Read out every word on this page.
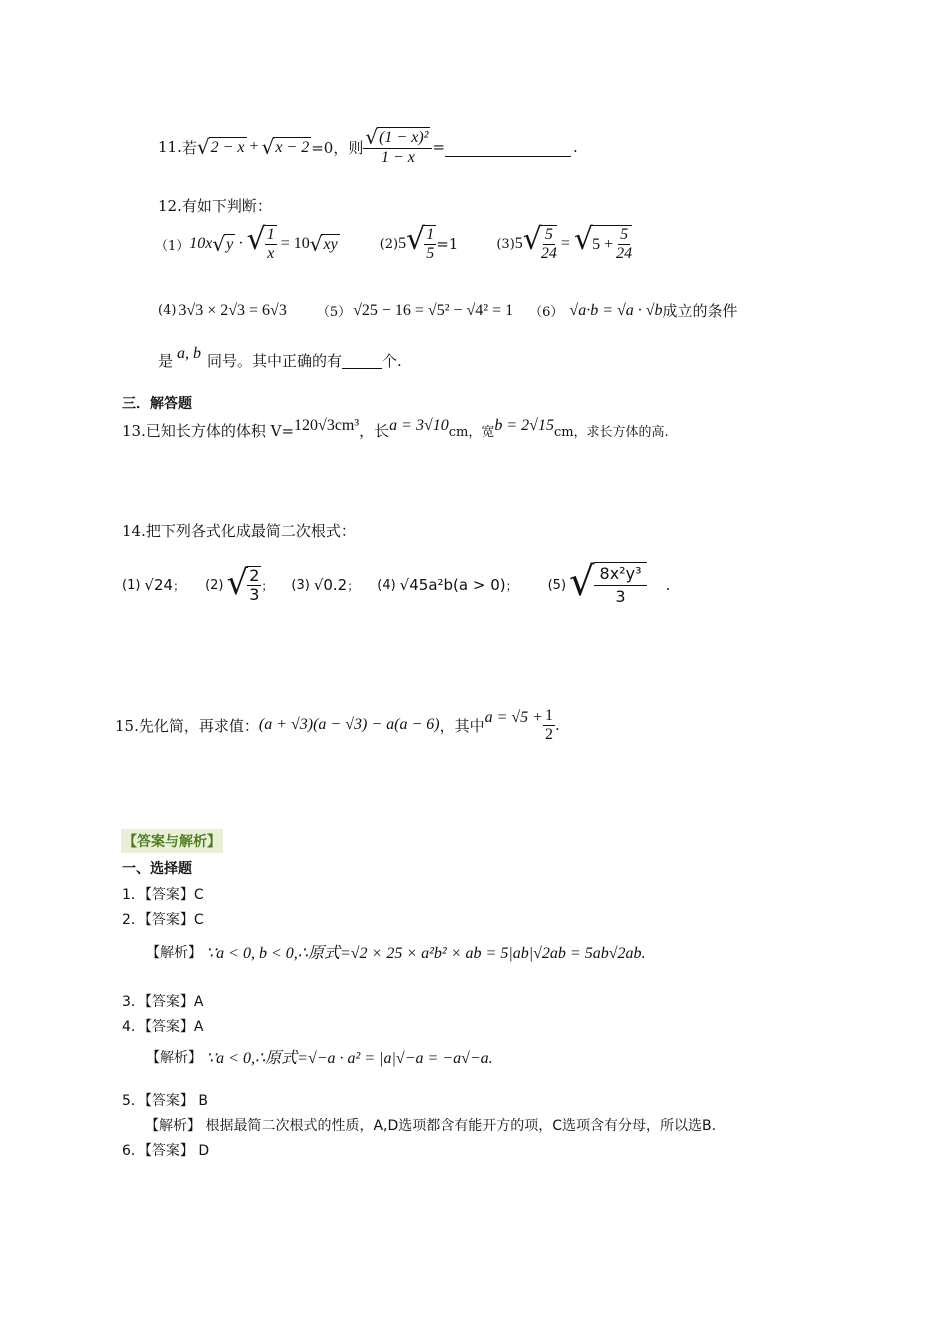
11. 若 √ 2 − x + √ x − 2 =0，则 $\frac{\text{√ (1 − x)²}}{1 - x}$ =	.
12.有如下判断：
（1） 10x √ y · √ $\frac{1}{x} = 10$ √ xy	(2) 5 √ $\frac{1}{5} =1$	(3) 5 √ $\frac{5}{24}$ = √ $5 + \frac{5}{24}$
(4) 3√3 × 2√3 = 6√3 （5） √25 − 16 = √5² − √4² = 1 （6） √a·b = √a · √b 成立的条件
是 a, b 同号。其中正确的有	个.
三．解答题
13.已知长方体的体积 V= 120√3cm³ ，长 a = 3√10 cm，宽 b = 2√15 cm，求长方体的高.
14.把下列各式化成最简二次根式：
(1) √24 ； (2) √ $\frac{2}{3}$ ； (3) √0.2 ； (4) √45a²b (a > 0) ； (5) √ $\frac{\text{8x²y³}}{3}$ .
15.先化简，再求值： (a + √3)(a − √3) − a(a − 6) ，其中 $a = √5 + \frac{1}{2}$ .
【答案与解析】
一、选择题
1．【答案】C
2．【答案】C
【解析】 ∵a < 0, b < 0,∴原式=√2 × 25 × a²b² × ab = 5|ab|√2ab = 5ab√2ab.
3．【答案】A
4．【答案】A
【解析】 ∵a < 0,∴原式=√−a · a² = |a|√−a = −a√−a.
5．【答案】 B
【解析】 根据最简二次根式的性质，A,D选项都含有能开方的项，C选项含有分母，所以选B.
6．【答案】 D
